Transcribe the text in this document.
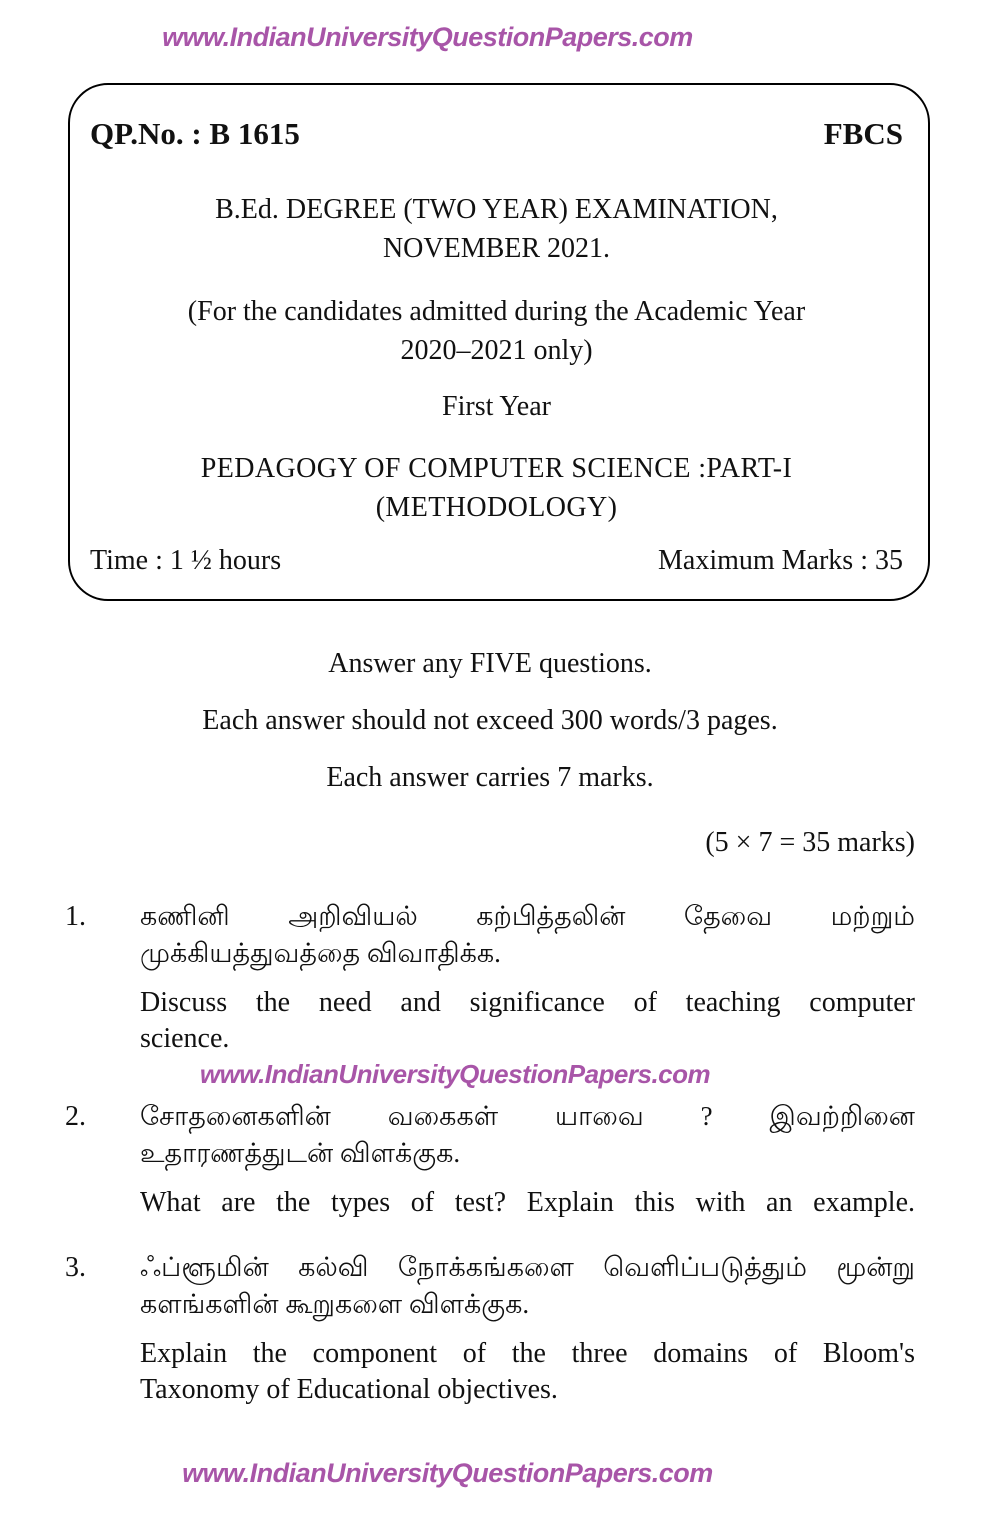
www.IndianUniversityQuestionPapers.com
QP.No. : B 1615	FBCS
B.Ed. DEGREE (TWO YEAR) EXAMINATION,
NOVEMBER 2021.
(For the candidates admitted during the Academic Year
2020–2021 only)
First Year
PEDAGOGY OF COMPUTER SCIENCE :PART-I
(METHODOLOGY)
Time : 1 ½ hours	Maximum Marks : 35
Answer any FIVE questions.
Each answer should not exceed 300 words/3 pages.
Each answer carries 7 marks.
(5 × 7 = 35 marks)
1.	கணினி அறிவியல் கற்பித்தலின் தேவை மற்றும்
முக்கியத்துவத்தை விவாதிக்க.
Discuss the need and significance of teaching computer
science.
www.IndianUniversityQuestionPapers.com
2.	சோதனைகளின் வகைகள் யாவை ? இவற்றினை
உதாரணத்துடன் விளக்குக.
What are the types of test? Explain this with an example.
3.	ஃப்ளூமின் கல்வி நோக்கங்களை வெளிப்படுத்தும் மூன்று
களங்களின் கூறுகளை விளக்குக.
Explain the component of the three domains of Bloom's
Taxonomy of Educational objectives.
www.IndianUniversityQuestionPapers.com
